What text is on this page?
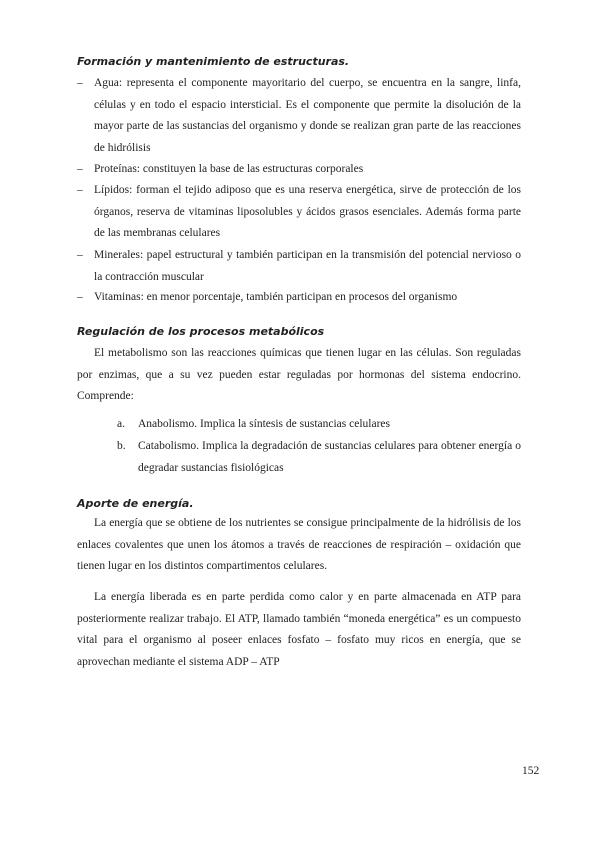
Formación y mantenimiento de estructuras.
– Agua: representa el componente mayoritario del cuerpo, se encuentra en la sangre, linfa, células y en todo el espacio intersticial. Es el componente que permite la disolución de la mayor parte de las sustancias del organismo y donde se realizan gran parte de las reacciones de hidrólisis
– Proteínas: constituyen la base de las estructuras corporales
– Lípidos: forman el tejido adiposo que es una reserva energética, sirve de protección de los órganos, reserva de vitaminas liposolubles y ácidos grasos esenciales. Además forma parte de las membranas celulares
– Minerales: papel estructural y también participan en la transmisión del potencial nervioso o la contracción muscular
– Vitaminas: en menor porcentaje, también participan en procesos del organismo
Regulación de los procesos metabólicos
El metabolismo son las reacciones químicas que tienen lugar en las células. Son reguladas por enzimas, que a su vez pueden estar reguladas por hormonas del sistema endocrino. Comprende:
a. Anabolismo. Implica la síntesis de sustancias celulares
b. Catabolismo. Implica la degradación de sustancias celulares para obtener energía o degradar sustancias fisiológicas
Aporte de energía.
La energía que se obtiene de los nutrientes se consigue principalmente de la hidrólisis de los enlaces covalentes que unen los átomos a través de reacciones de respiración – oxidación que tienen lugar en los distintos compartimentos celulares.
La energía liberada es en parte perdida como calor y en parte almacenada en ATP para posteriormente realizar trabajo. El ATP, llamado también “moneda energética” es un compuesto vital para el organismo al poseer enlaces fosfato – fosfato muy ricos en energía, que se aprovechan mediante el sistema ADP – ATP
152
